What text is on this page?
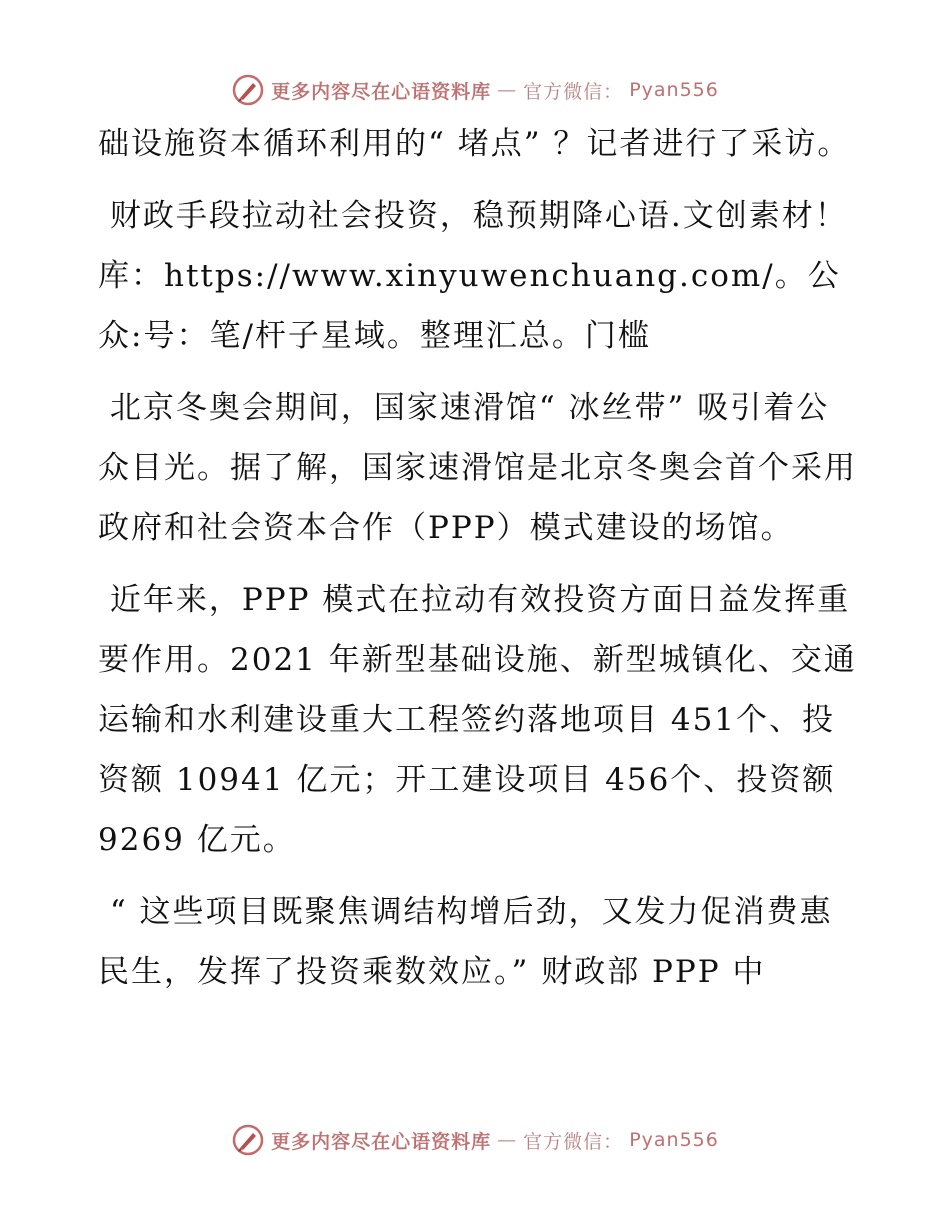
更多内容尽在心语资料库 — 官方微信： Pyan556

础设施资本循环利用的“ 堵点” ？记者进行了采访。

财政手段拉动社会投资，稳预期降心语.文创素材！库：https://www.xinyuwenchuang.com/。公众:号：笔/杆子星域。整理汇总。门槛

北京冬奥会期间，国家速滑馆“ 冰丝带” 吸引着公众目光。据了解，国家速滑馆是北京冬奥会首个采用政府和社会资本合作（PPP）模式建设的场馆。

近年来，PPP 模式在拉动有效投资方面日益发挥重要作用。2021 年新型基础设施、新型城镇化、交通运输和水利建设重大工程签约落地项目 451个、投资额 10941 亿元；开工建设项目 456个、投资额 9269 亿元。

“ 这些项目既聚焦调结构增后劲，又发力促消费惠民生，发挥了投资乘数效应。” 财政部 PPP 中

更多内容尽在心语资料库 — 官方微信： Pyan556
